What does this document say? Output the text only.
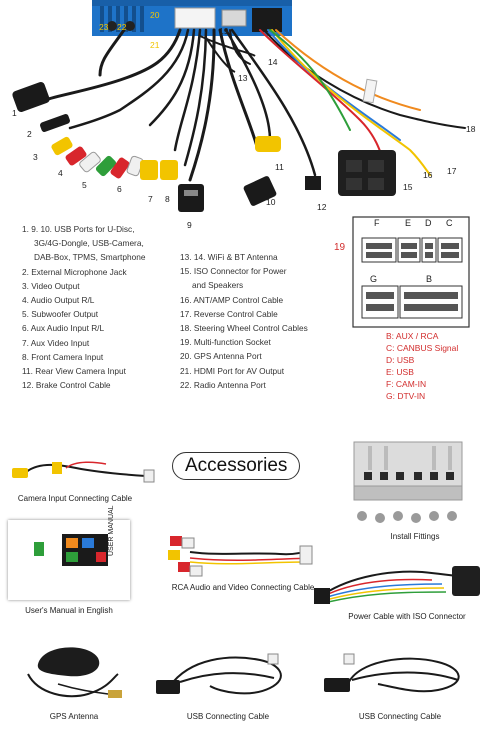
1
2
3
4
5	6
7 8
9
10
11
12
13
14
15
16 17
18
19
20
21
22
23
1. 9. 10. USB Ports for U-Disc,
3G/4G-Dongle, USB-Camera,
DAB-Box, TPMS, Smartphone
2. External Microphone Jack
3. Video Output
4. Audio Output R/L
5. Subwoofer Output
6. Aux Audio Input R/L
7. Aux Video Input
8. Front Camera Input
11. Rear View Camera Input
12. Brake Control Cable
13. 14. WiFi & BT Antenna
15. ISO Connector for Power
and Speakers
16. ANT/AMP Control Cable
17. Reverse Control Cable
18. Steering Wheel Control Cables
19. Multi-function Socket
20. GPS Antenna Port
21. HDMI Port for AV Output
22. Radio Antenna Port
19
F	E D C
G	B
B: AUX / RCA
C: CANBUS Signal
D: USB
E: USB
F: CAM-IN
G: DTV-IN
Accessories
Camera Input Connecting Cable
Install Fittings
USER MANUAL
User's Manual in English
RCA Audio and Video Connecting Cable
Power Cable with ISO Connector
GPS Antenna	USB Connecting Cable	USB Connecting Cable
